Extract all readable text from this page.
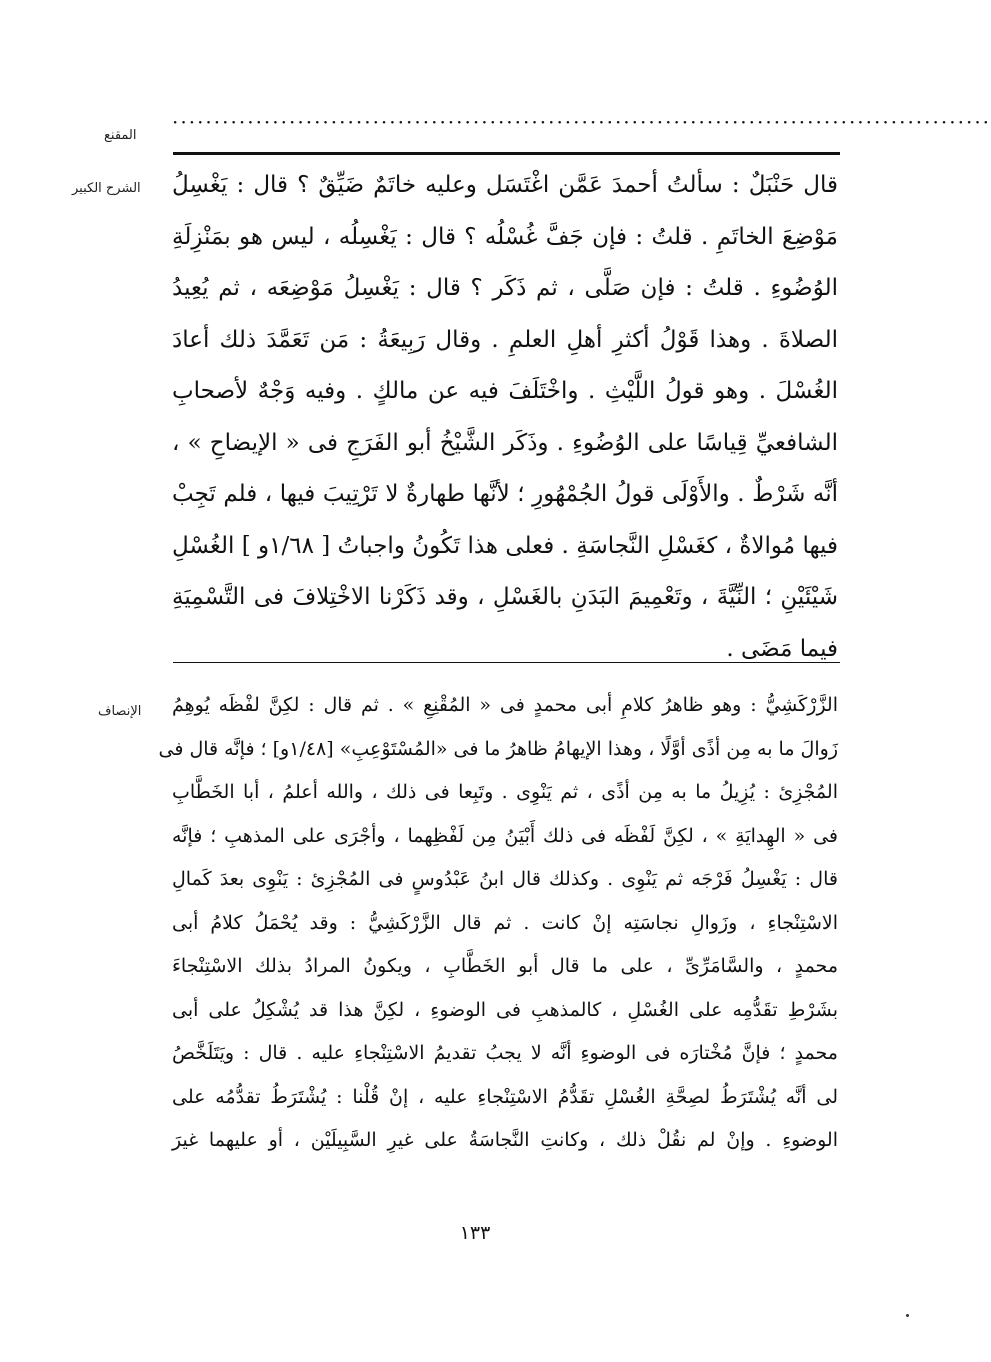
المقنع
··································································································
الشرح الكبير قال حَنْبَلٌ : سألتُ أحمدَ عَمَّن اغْتَسَل وعليه خاتَمٌ ضَيِّقٌ ؟ قال : يَغْسِلُ
مَوْضِعَ الخاتَمِ . قلتُ : فإن جَفَّ غُسْلُه ؟ قال : يَغْسِلُه ، ليس هو بمَنْزِلَةِ
الوُضُوءِ . قلتُ : فإن صَلَّى ، ثم ذَكَر ؟ قال : يَغْسِلُ مَوْضِعَه ، ثم يُعِيدُ
الصلاةَ . وهذا قَوْلُ أكثرِ أهلِ العلمِ . وقال رَبِيعَةُ : مَن تَعَمَّدَ ذلك أعادَ
الغُسْلَ . وهو قولُ اللَّيْثِ . واخْتَلَفَ فيه عن مالكٍ . وفيه وَجْهٌ لأصحابِ
الشافعيِّ قِياسًا على الوُضُوءِ . وذَكَر الشَّيْخُ أبو الفَرَجِ فى « الإيضاحِ » ،
أنَّه شَرْطٌ . والأَوْلَى قولُ الجُمْهُورِ ؛ لأنَّها طهارةٌ لا تَرْتِيبَ فيها ، فلم تَجِبْ
فيها مُوالاةٌ ، كغَسْلِ النَّجاسَةِ . فعلى هذا تَكُونُ واجباتُ [ ١/٦٨و ] الغُسْلِ
شَيْئَيْنِ ؛ النِّيَّةَ ، وتَعْمِيمَ البَدَنِ بالغَسْلِ ، وقد ذَكَرْنا الاخْتِلافَ فى التَّسْمِيَةِ
فيما مَضَى .
الإنصاف الزَّرْكَشِيُّ : وهو ظاهرُ كلامِ أبى محمدٍ فى « المُقْنِعِ » . ثم قال : لكِنَّ لفْظَه يُوهِمُ
زَوالَ ما به مِن أذًى أوَّلًا ، وهذا الإيهامُ ظاهرُ ما فى «المُسْتَوْعِبِ» [١/٤٨و] ؛ فإنَّه قال فى
المُجْزِئ : يُزِيلُ ما به مِن أذًى ، ثم يَنْوِى . وتَبِعا فى ذلك ، والله أعلمُ ، أبا الخَطَّابِ
فى « الهِدايَةِ » ، لكِنَّ لَفْظَه فى ذلك أَبْيَنُ مِن لَفْظِهما ، وأجْرَى على المذهبِ ؛ فإنَّه
قال : يَغْسِلُ فَرْجَه ثم يَنْوِى . وكذلك قال ابنُ عَبْدُوسٍ فى المُجْزِئ : يَنْوِى بعدَ كَمالِ
الاسْتِنْجاءِ ، وزَوالِ نجاسَتِه إنْ كانت . ثم قال الزَّرْكَشِيُّ : وقد يُحْمَلُ كلامُ أبى
محمدٍ ، والسَّامَرِّىِّ ، على ما قال أبو الخَطَّابِ ، ويكونُ المرادُ بذلك الاسْتِنْجاءَ
بشَرْطِ تقَدُّمِه على الغُسْلِ ، كالمذهبِ فى الوضوءِ ، لكِنَّ هذا قد يُشْكِلُ على أبى
محمدٍ ؛ فإنَّ مُخْتارَه فى الوضوءِ أنَّه لا يجبُ تقديمُ الاسْتِنْجاءِ عليه . قال : ويَتَلَخَّصُ
لى أنَّه يُشْتَرَطُ لصِحَّةِ الغُسْلِ تقَدُّمُ الاسْتِنْجاءِ عليه ، إنْ قُلْنا : يُشْتَرَطُ تقدُّمُه على
الوضوءِ . وإنْ لم نقُلْ ذلك ، وكانتِ النَّجاسَةُ على غيرِ السَّبِيلَيْن ، أو عليهما غيرَ
١٣٣
